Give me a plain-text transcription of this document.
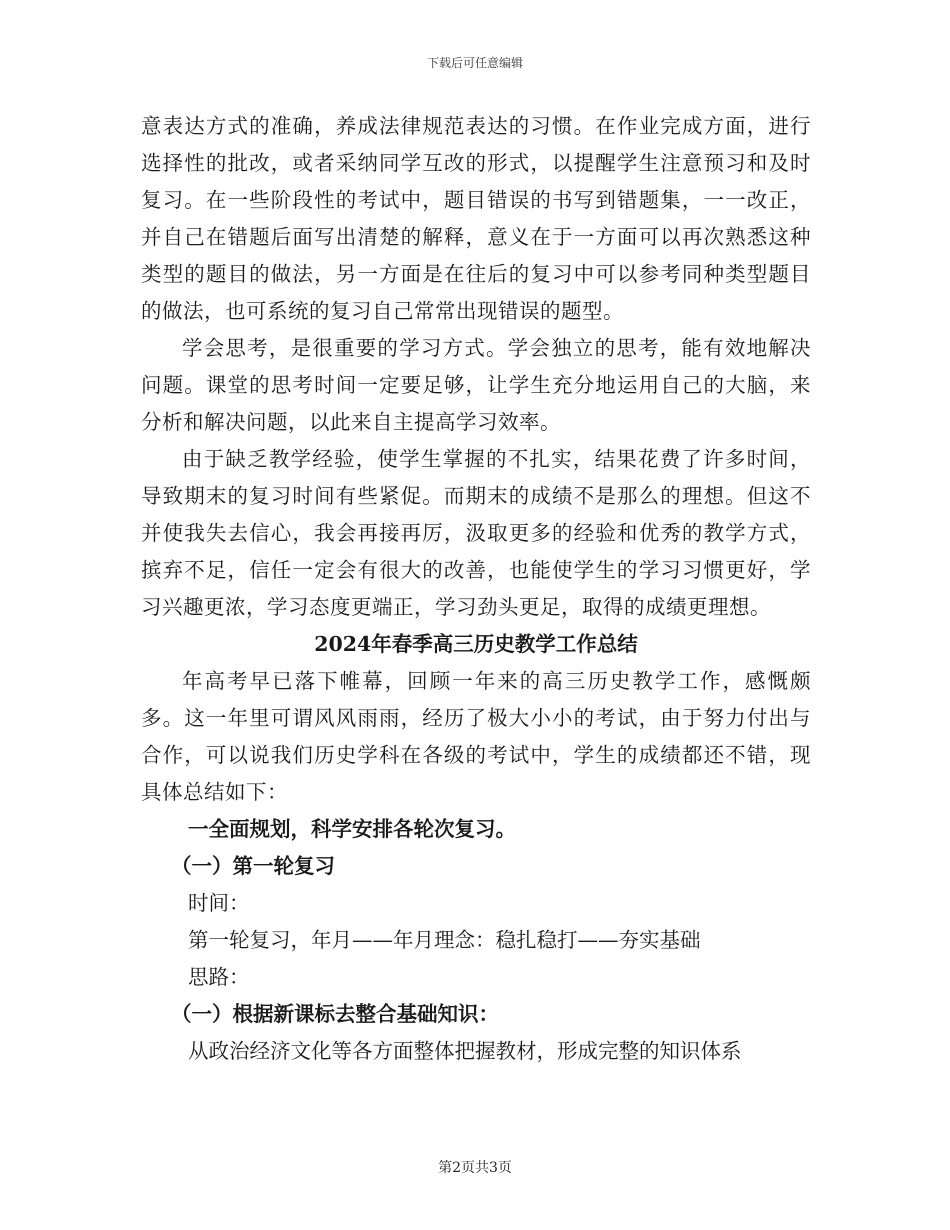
下载后可任意编辑

意表达方式的准确，养成法律规范表达的习惯。在作业完成方面，进行选择性的批改，或者采纳同学互改的形式，以提醒学生注意预习和及时复习。在一些阶段性的考试中，题目错误的书写到错题集，一一改正，并自己在错题后面写出清楚的解释，意义在于一方面可以再次熟悉这种类型的题目的做法，另一方面是在往后的复习中可以参考同种类型题目的做法，也可系统的复习自己常常出现错误的题型。

学会思考，是很重要的学习方式。学会独立的思考，能有效地解决问题。课堂的思考时间一定要足够，让学生充分地运用自己的大脑，来分析和解决问题，以此来自主提高学习效率。

由于缺乏教学经验，使学生掌握的不扎实，结果花费了许多时间，导致期末的复习时间有些紧促。而期末的成绩不是那么的理想。但这不并使我失去信心，我会再接再厉，汲取更多的经验和优秀的教学方式，摈弃不足，信任一定会有很大的改善，也能使学生的学习习惯更好，学习兴趣更浓，学习态度更端正，学习劲头更足，取得的成绩更理想。

2024年春季高三历史教学工作总结

年高考早已落下帷幕，回顾一年来的高三历史教学工作，感慨颇多。这一年里可谓风风雨雨，经历了极大小小的考试，由于努力付出与合作，可以说我们历史学科在各级的考试中，学生的成绩都还不错，现具体总结如下：

一全面规划，科学安排各轮次复习。

（一）第一轮复习

时间：

第一轮复习，年月——年月理念：稳扎稳打——夯实基础

思路：

（一）根据新课标去整合基础知识：

从政治经济文化等各方面整体把握教材，形成完整的知识体系

第2页共3页
